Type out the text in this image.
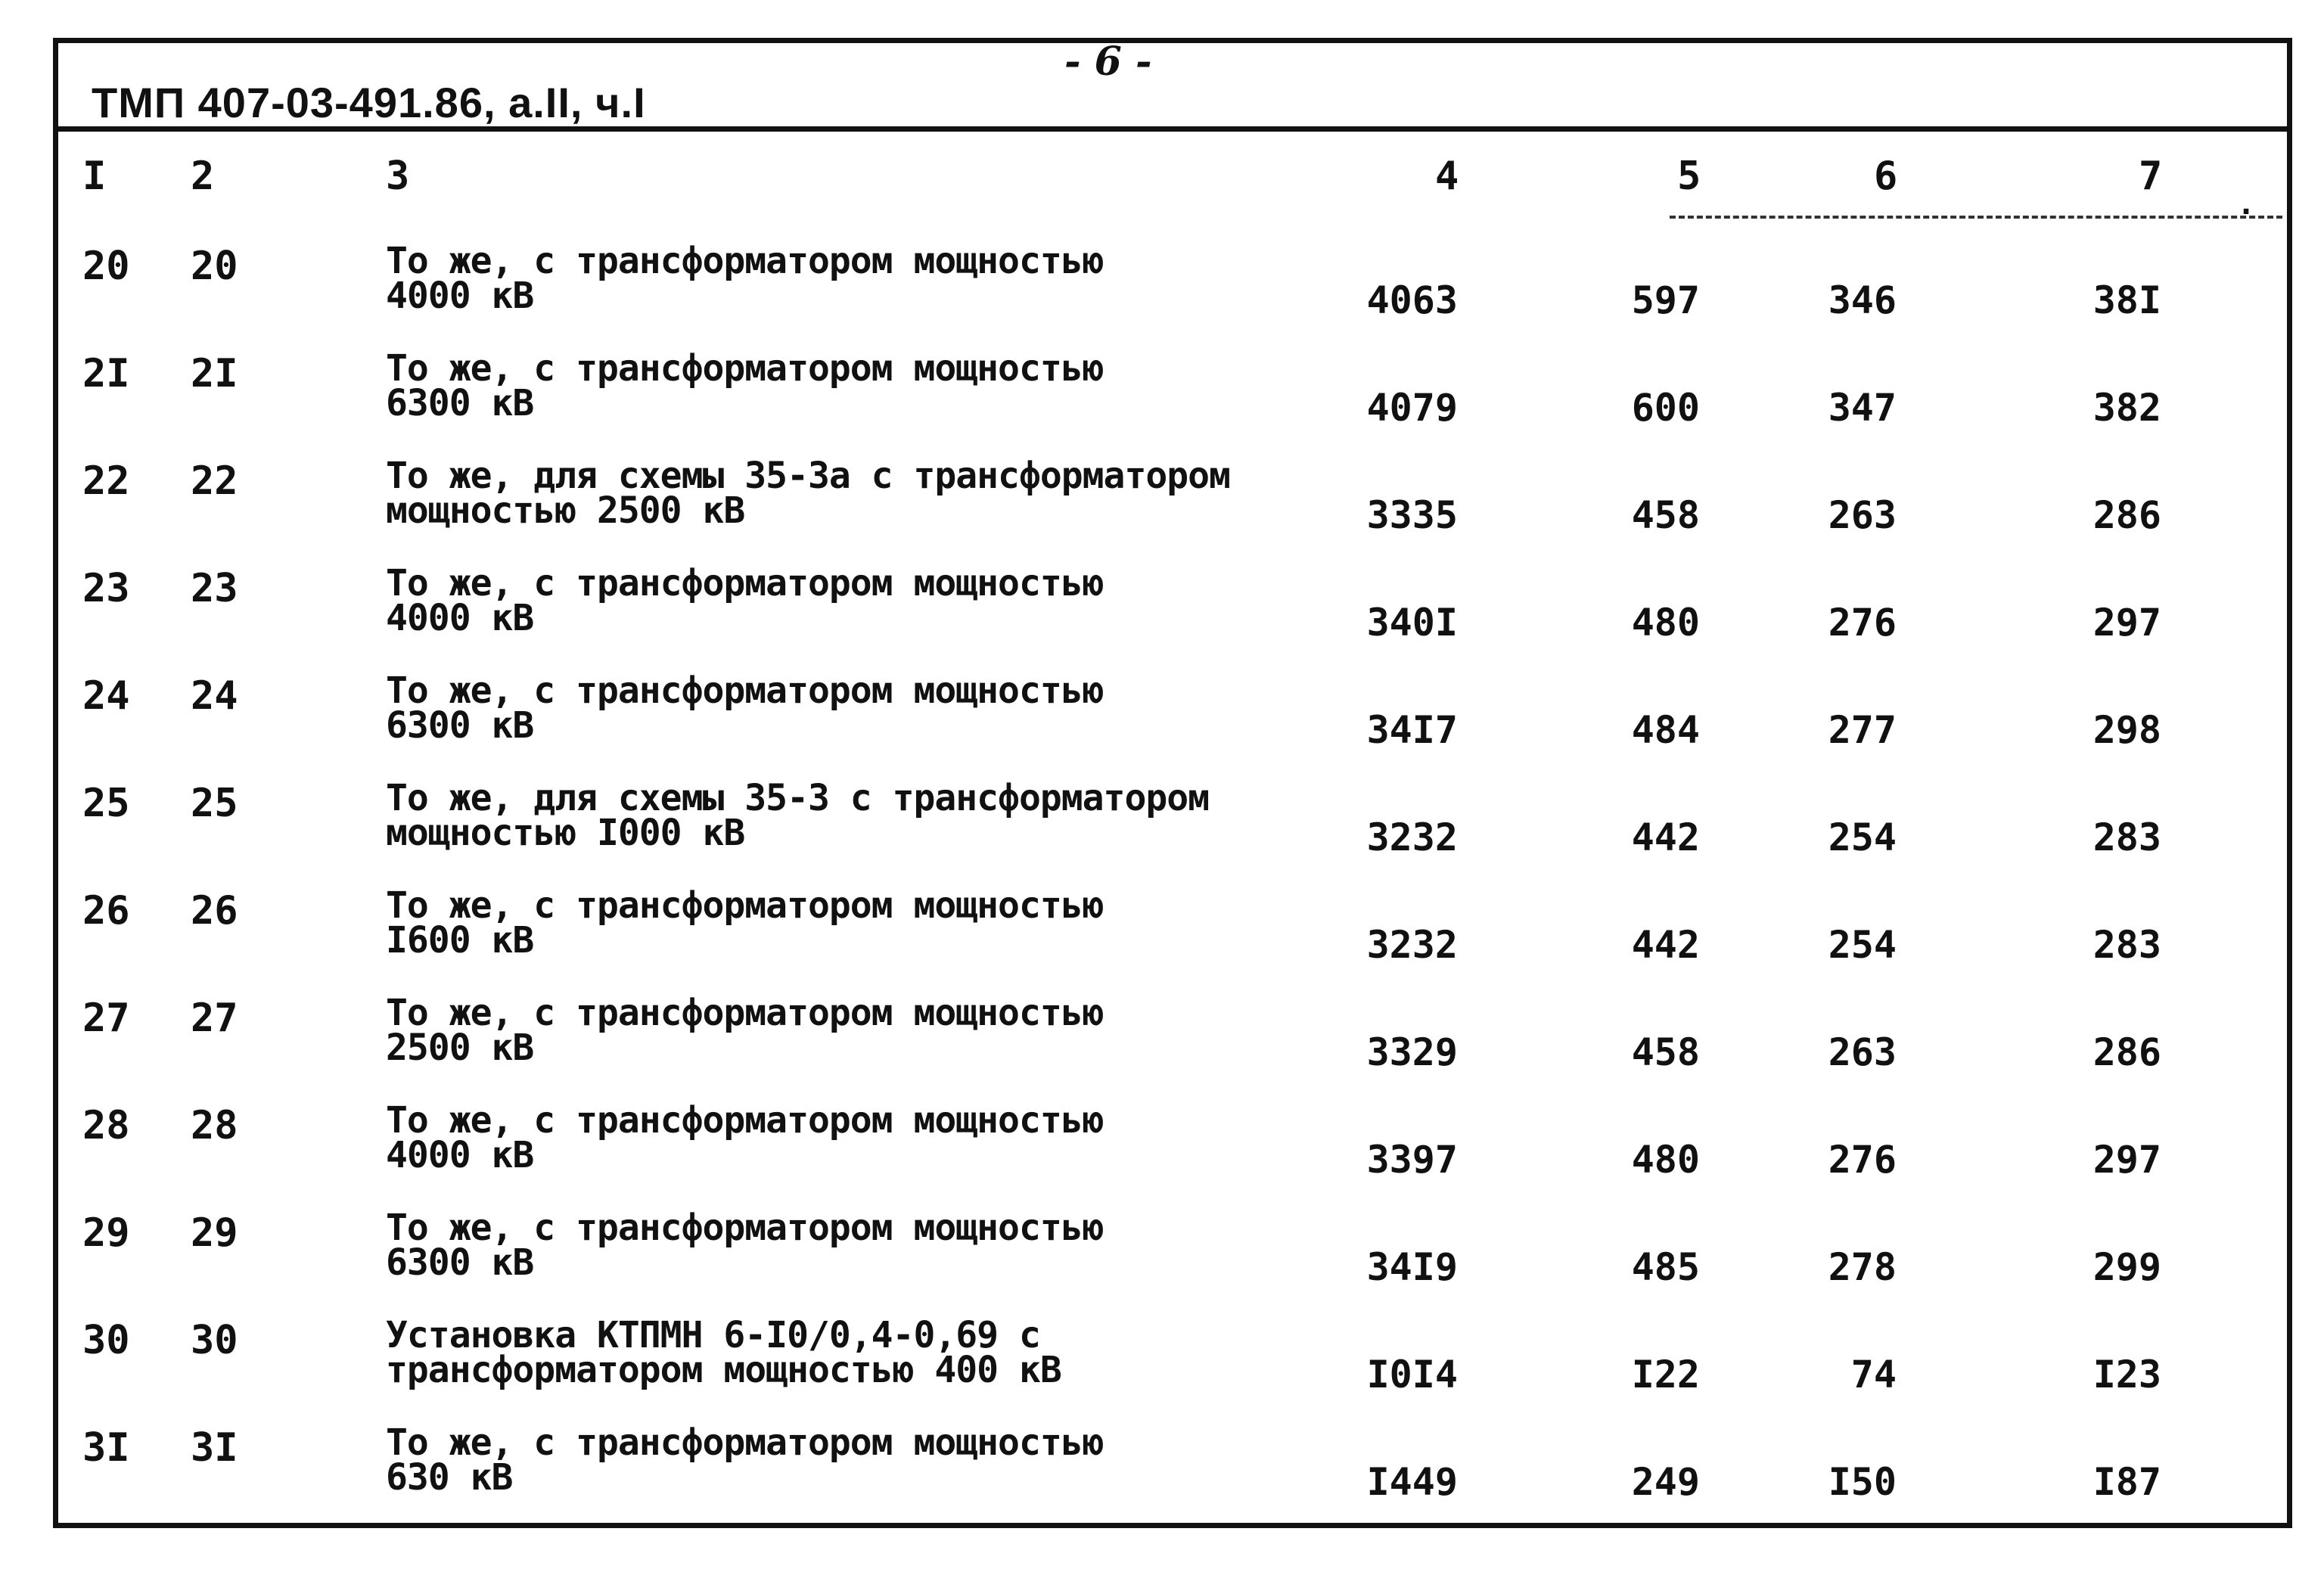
ТМП 407-03-491.86, а.II, ч.I
- 6 -
I 2	3	4	5	6	7
.
20 20	То же, с трансформатором мощностью
4000 кВ	4063	597	346	38I
2I 2I	То же, с трансформатором мощностью
6300 кВ	4079	600	347	382
22 22	То же, для схемы 35-3а с трансформатором
мощностью 2500 кВ	3335	458	263	286
23 23	То же, с трансформатором мощностью
4000 кВ	340I	480	276	297
24 24	То же, с трансформатором мощностью
6300 кВ	34I7	484	277	298
25 25	То же, для схемы 35-3 с трансформатором
мощностью I000 кВ	3232	442	254	283
26 26	То же, с трансформатором мощностью
I600 кВ	3232	442	254	283
27 27	То же, с трансформатором мощностью
2500 кВ	3329	458	263	286
28 28	То же, с трансформатором мощностью
4000 кВ	3397	480	276	297
29 29	То же, с трансформатором мощностью
6300 кВ	34I9	485	278	299
30 30	Установка КТПМН 6-I0/0,4-0,69 с
трансформатором мощностью 400 кВ	I0I4	I22	74	I23
3I 3I	То же, с трансформатором мощностью
630 кВ	I449	249	I50	I87
